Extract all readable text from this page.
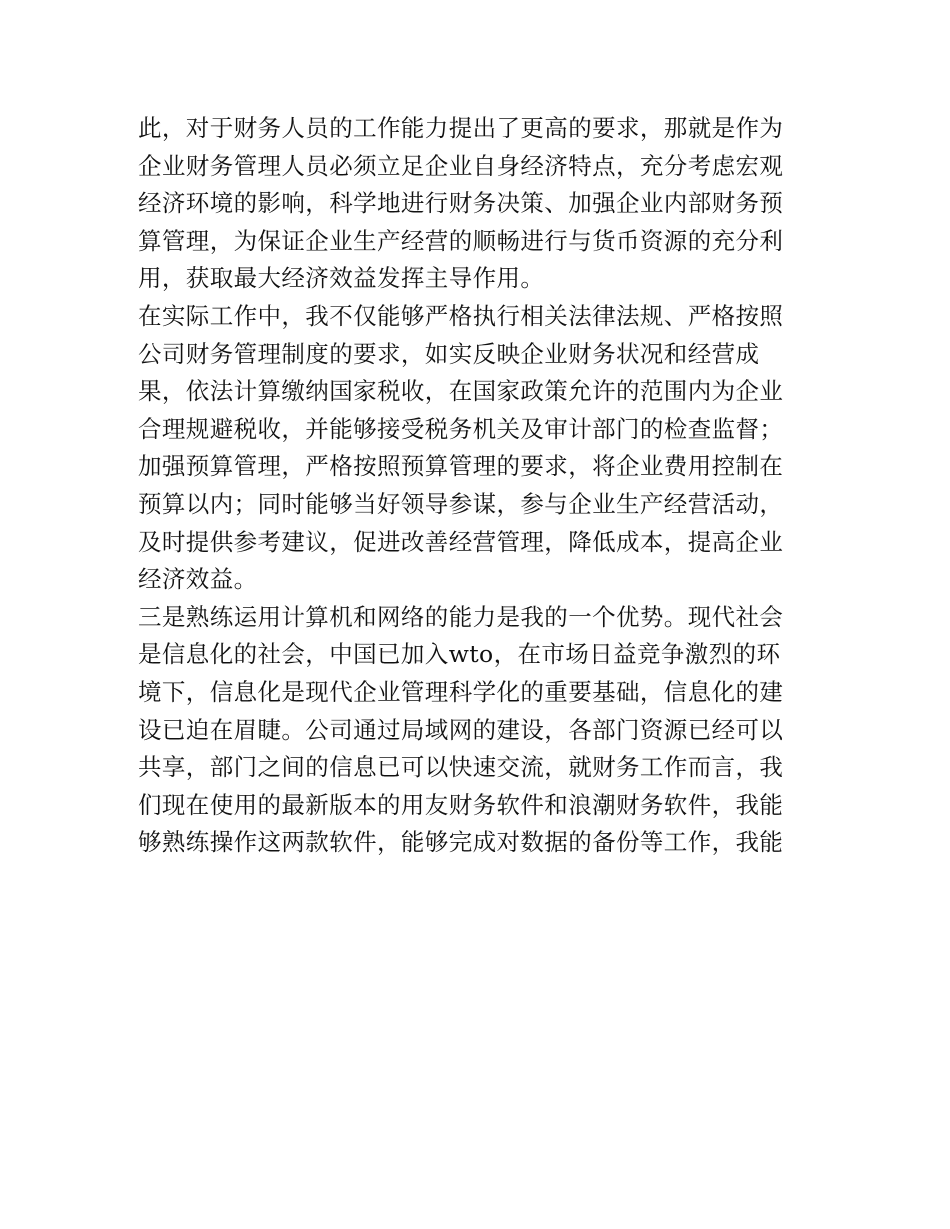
此，对于财务人员的工作能力提出了更高的要求，那就是作为
企业财务管理人员必须立足企业自身经济特点，充分考虑宏观
经济环境的影响，科学地进行财务决策、加强企业内部财务预
算管理，为保证企业生产经营的顺畅进行与货币资源的充分利
用，获取最大经济效益发挥主导作用。
在实际工作中，我不仅能够严格执行相关法律法规、严格按照
公司财务管理制度的要求，如实反映企业财务状况和经营成
果，依法计算缴纳国家税收，在国家政策允许的范围内为企业
合理规避税收，并能够接受税务机关及审计部门的检查监督；
加强预算管理，严格按照预算管理的要求，将企业费用控制在
预算以内；同时能够当好领导参谋，参与企业生产经营活动，
及时提供参考建议，促进改善经营管理，降低成本，提高企业
经济效益。
三是熟练运用计算机和网络的能力是我的一个优势。现代社会
是信息化的社会，中国已加入wto，在市场日益竞争激烈的环
境下，信息化是现代企业管理科学化的重要基础，信息化的建
设已迫在眉睫。公司通过局域网的建设，各部门资源已经可以
共享，部门之间的信息已可以快速交流，就财务工作而言，我
们现在使用的最新版本的用友财务软件和浪潮财务软件，我能
够熟练操作这两款软件，能够完成对数据的备份等工作，我能
